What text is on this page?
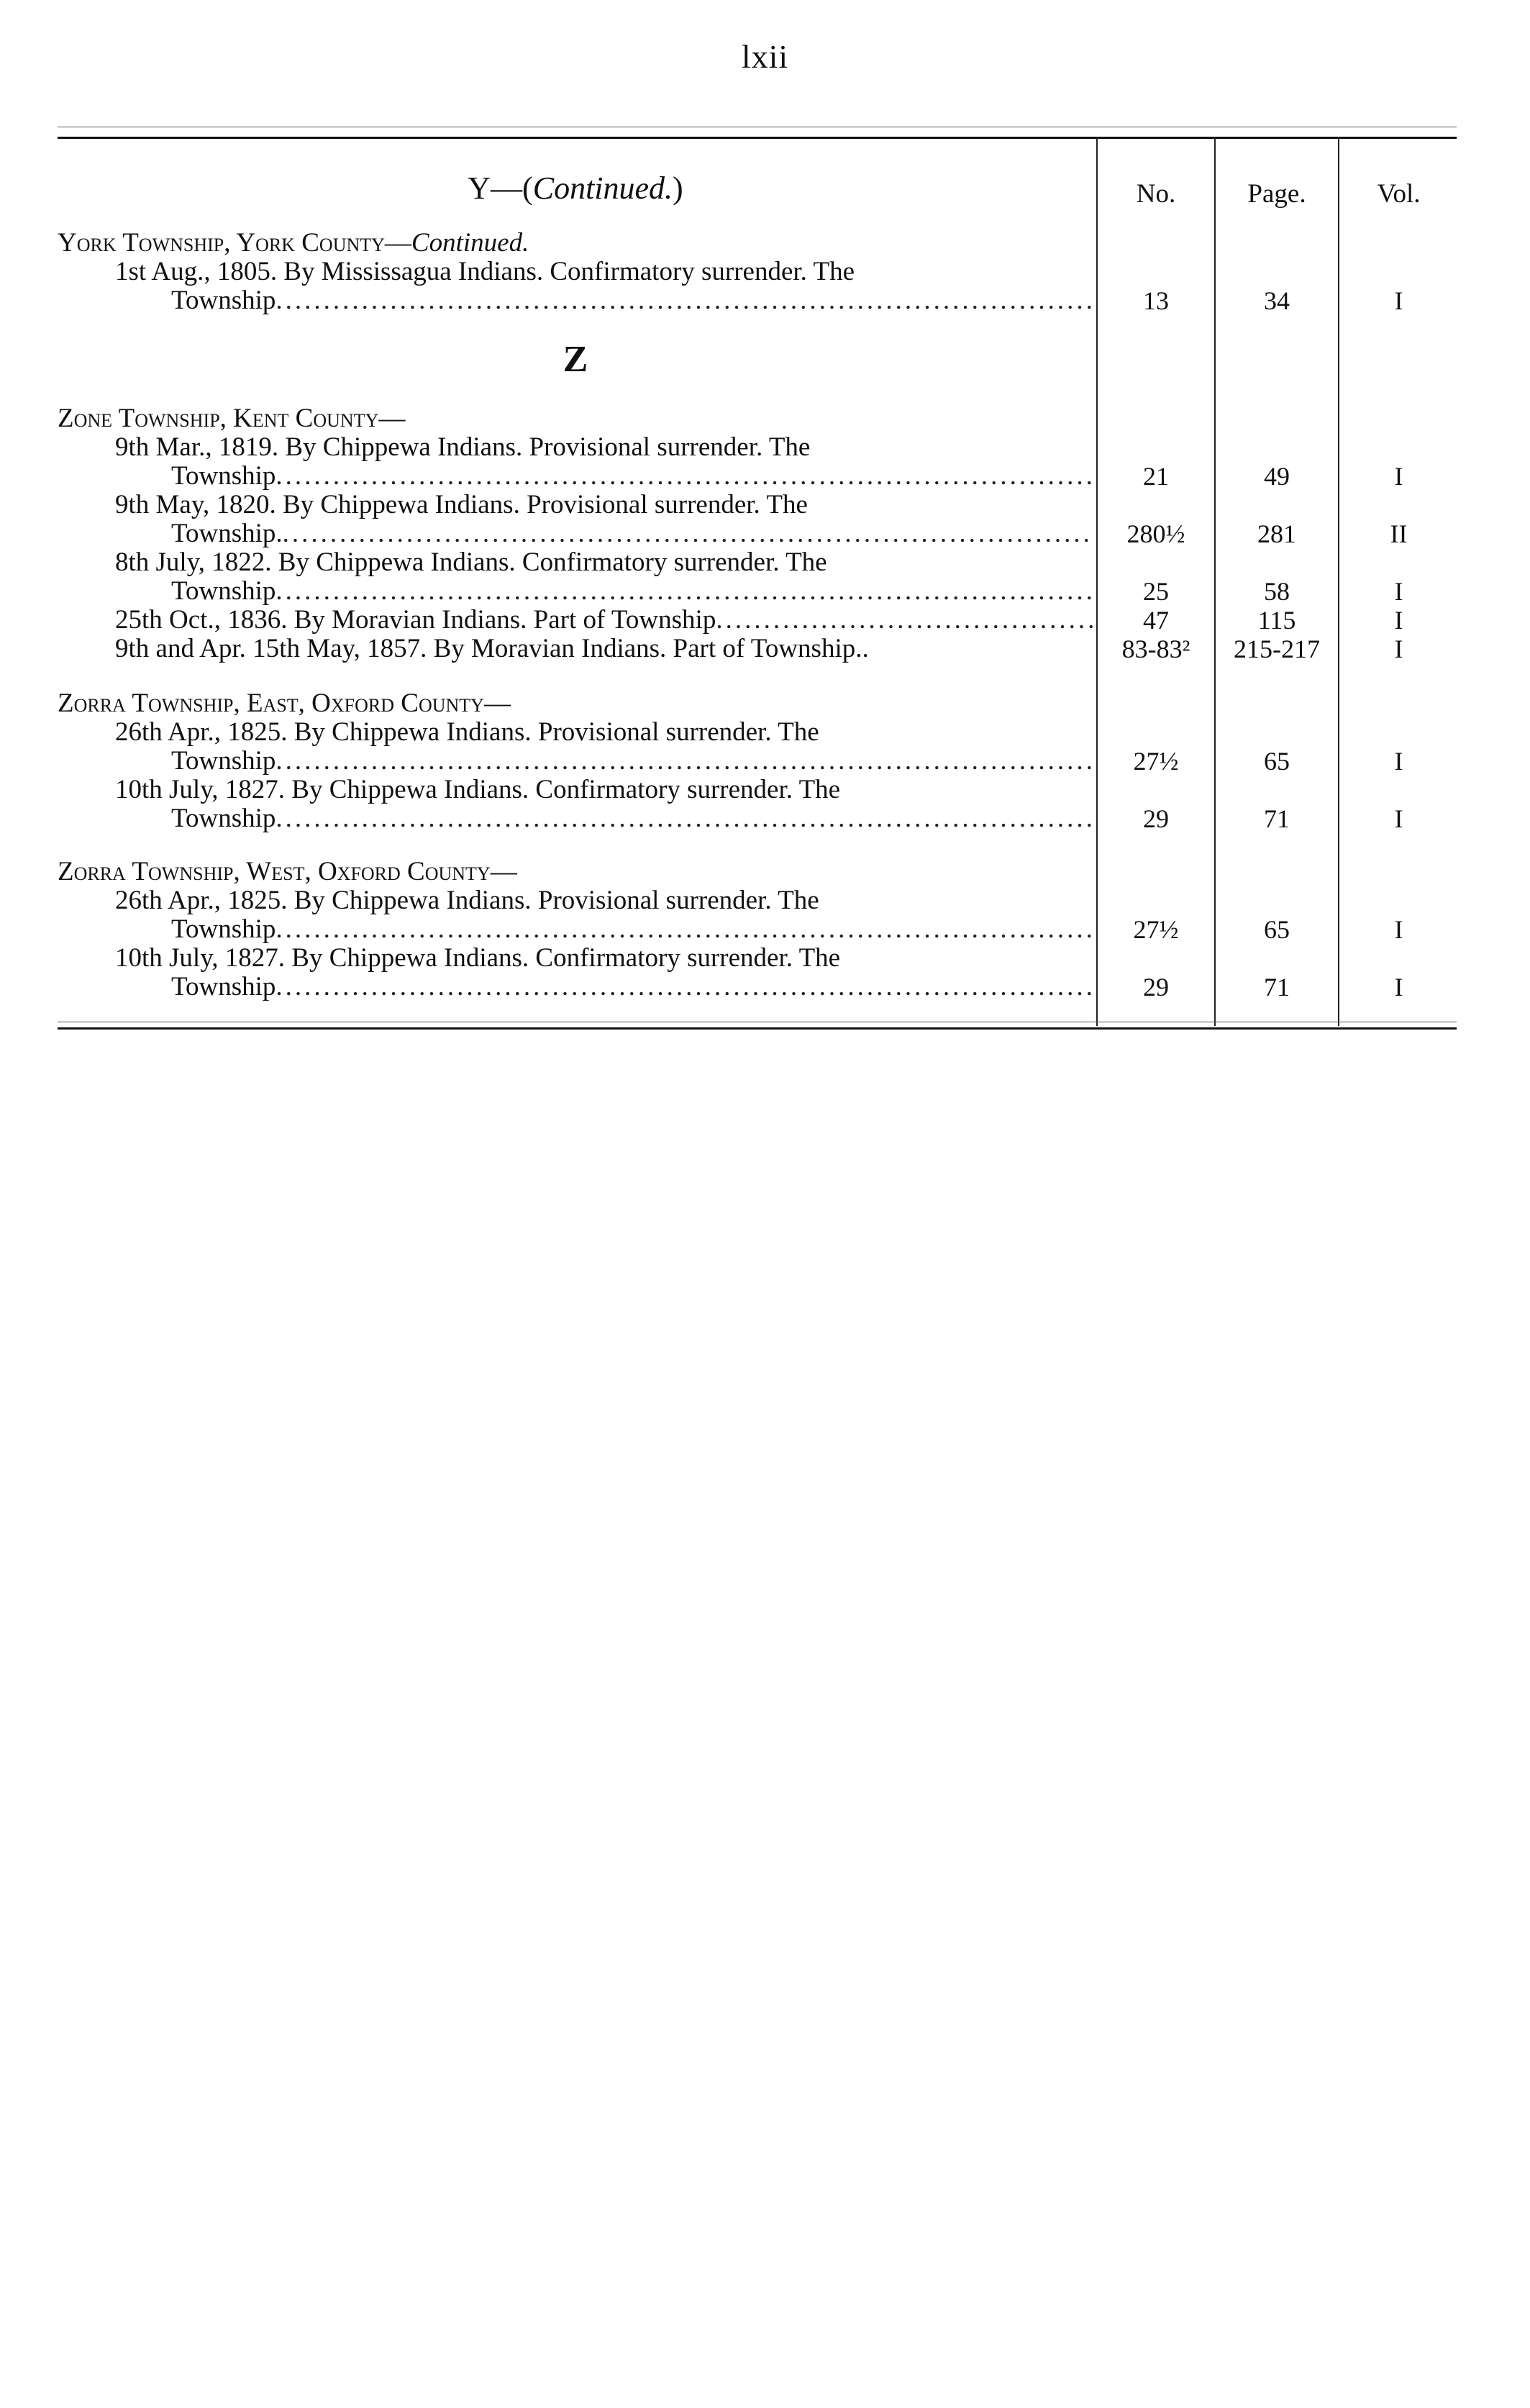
lxii
No.	Page.	Vol.
Y—(Continued.)
York Township, York County—Continued.
1st Aug., 1805. By Mississagua Indians. Confirmatory surrender. The
Township .....	13	34	I
Z
Zone Township, Kent County—
9th Mar., 1819. By Chippewa Indians. Provisional surrender. The
Township .....	21	49	I
9th May, 1820. By Chippewa Indians. Provisional surrender. The
Township. .....	280½	281	II
8th July, 1822. By Chippewa Indians. Confirmatory surrender. The
Township .....	25	58	I
25th Oct., 1836. By Moravian Indians. Part of Township .....	47	115	I
9th and Apr. 15th May, 1857. By Moravian Indians. Part of Township..	83-83²	215-217	I
Zorra Township, East, Oxford County—
26th Apr., 1825. By Chippewa Indians. Provisional surrender. The
Township .....	27½	65	I
10th July, 1827. By Chippewa Indians. Confirmatory surrender. The
Township .....	29	71	I
Zorra Township, West, Oxford County—
26th Apr., 1825. By Chippewa Indians. Provisional surrender. The
Township .....	27½	65	I
10th July, 1827. By Chippewa Indians. Confirmatory surrender. The
Township .....	29	71	I
